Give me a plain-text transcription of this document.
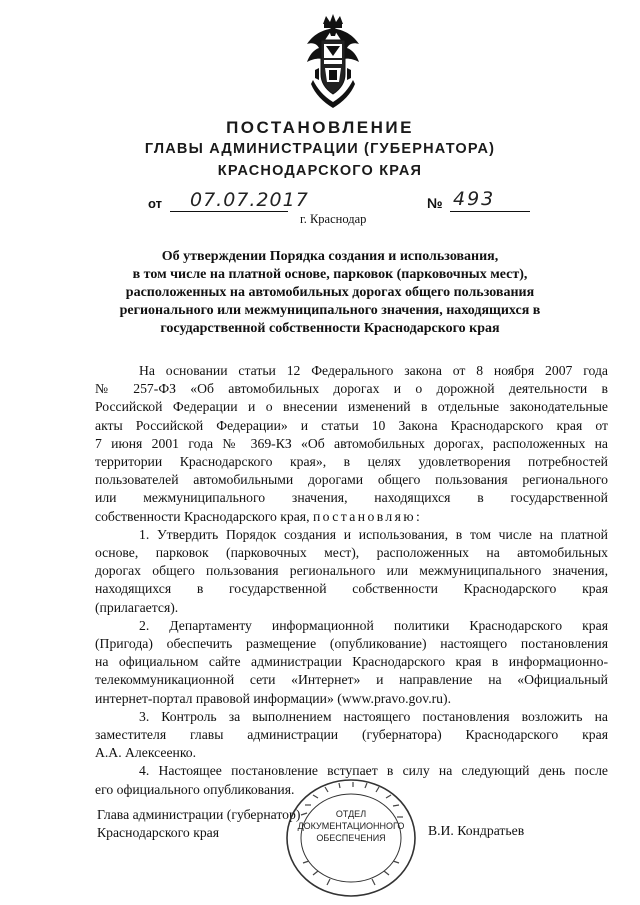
ПОСТАНОВЛЕНИЕ
ГЛАВЫ АДМИНИСТРАЦИИ (ГУБЕРНАТОРА)
КРАСНОДАРСКОГО КРАЯ
от 07.07.2017	№ 493
г. Краснодар
Об утверждении Порядка создания и использования,
в том числе на платной основе, парковок (парковочных мест),
расположенных на автомобильных дорогах общего пользования
регионального или межмуниципального значения, находящихся в
государственной собственности Краснодарского края
На основании статьи 12 Федерального закона от 8 ноября 2007 года
№ 257-ФЗ «Об автомобильных дорогах и о дорожной деятельности в
Российской Федерации и о внесении изменений в отдельные законодательные
акты Российской Федерации» и статьи 10 Закона Краснодарского края от
7 июня 2001 года № 369-КЗ «Об автомобильных дорогах, расположенных на
территории Краснодарского края», в целях удовлетворения потребностей
пользователей автомобильными дорогами общего пользования регионального
или межмуниципального значения, находящихся в государственной
собственности Краснодарского края, постановляю:
1. Утвердить Порядок создания и использования, в том числе на платной
основе, парковок (парковочных мест), расположенных на автомобильных
дорогах общего пользования регионального или межмуниципального значения,
находящихся в государственной собственности Краснодарского края
(прилагается).
2. Департаменту информационной политики Краснодарского края
(Пригода) обеспечить размещение (опубликование) настоящего постановления
на официальном сайте администрации Краснодарского края в информационно-
телекоммуникационной сети «Интернет» и направление на «Официальный
интернет-портал правовой информации» (www.pravo.gov.ru).
3. Контроль за выполнением настоящего постановления возложить на
заместителя главы администрации (губернатора) Краснодарского края
А.А. Алексеенко.
4. Настоящее постановление вступает в силу на следующий день после
его официального опубликования.
Глава администрации (губернатор)
Краснодарского края
ОТДЕЛ
ДОКУМЕНТАЦИОННОГО
ОБЕСПЕЧЕНИЯ	В.И. Кондратьев
